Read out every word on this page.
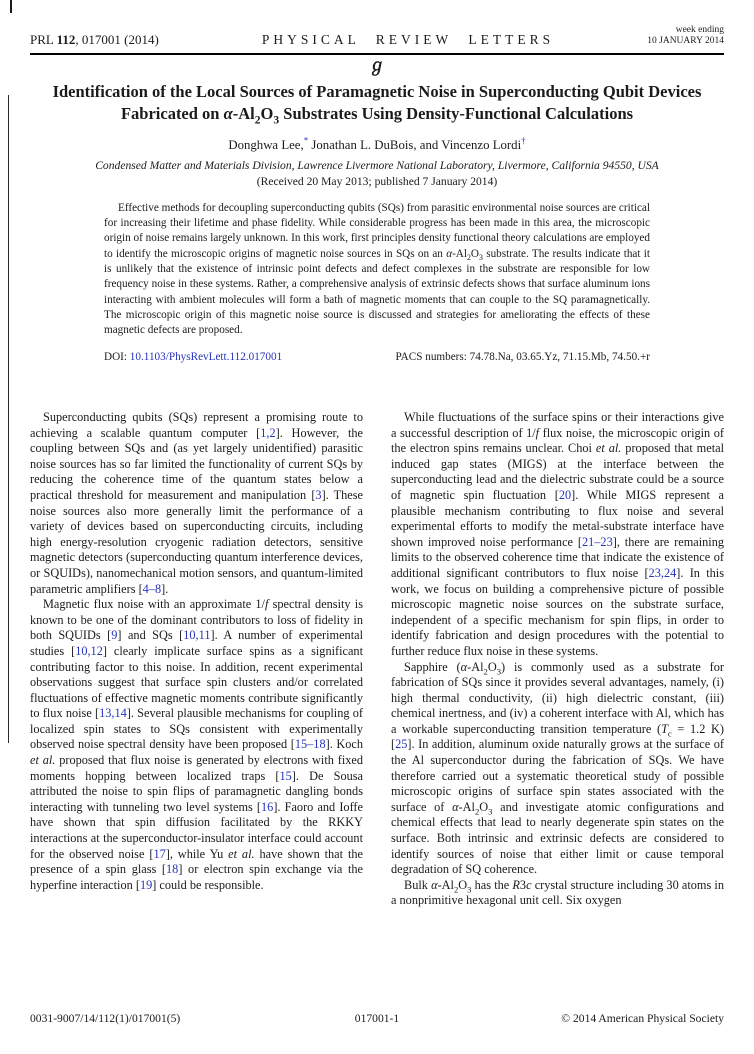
PRL 112, 017001 (2014)	PHYSICAL REVIEW LETTERS
week ending
10 JANUARY 2014
ℊ
Identification of the Local Sources of Paramagnetic Noise in Superconducting Qubit Devices
Fabricated on $\alpha-Al_2O_3$ Substrates Using Density-Functional Calculations
Donghwa Lee,* Jonathan L. DuBois, and Vincenzo Lordi†
Condensed Matter and Materials Division, Lawrence Livermore National Laboratory, Livermore, California 94550, USA
(Received 20 May 2013; published 7 January 2014)
Effective methods for decoupling superconducting qubits (SQs) from parasitic environmental noise sources are critical for increasing their lifetime and phase fidelity. While considerable progress has been made in this area, the microscopic origin of noise remains largely unknown. In this work, first principles density functional theory calculations are employed to identify the microscopic origins of magnetic noise sources in SQs on an $\alpha-Al_2O_3$ substrate. The results indicate that it is unlikely that the existence of intrinsic point defects and defect complexes in the substrate are responsible for low frequency noise in these systems. Rather, a comprehensive analysis of extrinsic defects shows that surface aluminum ions interacting with ambient molecules will form a bath of magnetic moments that can couple to the SQ paramagnetically. The microscopic origin of this magnetic noise source is discussed and strategies for ameliorating the effects of these magnetic defects are proposed.
DOI: 10.1103/PhysRevLett.112.017001	PACS numbers: 74.78.Na, 03.65.Yz, 71.15.Mb, 74.50.+r

Superconducting qubits (SQs) represent a promising route to achieving a scalable quantum computer [1,2]. However, the coupling between SQs and (as yet largely unidentified) parasitic noise sources has so far limited the functionality of current SQs by reducing the coherence time of the quantum states below a practical threshold for measurement and manipulation [3]. These noise sources also more generally limit the performance of a variety of devices based on superconducting circuits, including high energy-resolution cryogenic radiation detectors, sensitive magnetic detectors (superconducting quantum interference devices, or SQUIDs), nanomechanical motion sensors, and quantum-limited parametric amplifiers [4–8].

Magnetic flux noise with an approximate 1/f spectral density is known to be one of the dominant contributors to loss of fidelity in both SQUIDs [9] and SQs [10,11]. A number of experimental studies [10,12] clearly implicate surface spins as a significant contributing factor to this noise. In addition, recent experimental observations suggest that surface spin clusters and/or correlated fluctuations of effective magnetic moments contribute significantly to flux noise [13,14]. Several plausible mechanisms for coupling of localized spin states to SQs consistent with experimentally observed noise spectral density have been proposed [15–18]. Koch et al. proposed that flux noise is generated by electrons with fixed moments hopping between localized traps [15]. De Sousa attributed the noise to spin flips of paramagnetic dangling bonds interacting with tunneling two level systems [16]. Faoro and Ioffe have shown that spin diffusion facilitated by the RKKY interactions at the superconductor-insulator interface could account for the observed noise [17], while Yu et al. have shown that the presence of a spin glass [18] or electron spin exchange via the hyperfine interaction [19] could be responsible.

While fluctuations of the surface spins or their interactions give a successful description of 1/f flux noise, the microscopic origin of the electron spins remains unclear. Choi et al. proposed that metal induced gap states (MIGS) at the interface between the superconducting lead and the dielectric substrate could be a source of magnetic spin fluctuation [20]. While MIGS represent a plausible mechanism contributing to flux noise and several experimental efforts to modify the metal-substrate interface have shown improved noise performance [21–23], there are remaining limits to the observed coherence time that indicate the existence of additional significant contributors to flux noise [23,24]. In this work, we focus on building a comprehensive picture of possible microscopic magnetic noise sources on the substrate surface, independent of a specific mechanism for spin flips, in order to identify fabrication and design procedures with the potential to further reduce flux noise in these systems.

Sapphire $(\alpha-Al_2O_3)$ is commonly used as a substrate for fabrication of SQs since it provides several advantages, namely, (i) high thermal conductivity, (ii) high dielectric constant, (iii) chemical inertness, and (iv) a coherent interface with Al, which has a workable superconducting transition temperature ($T_c = 1.2$ K) [25]. In addition, aluminum oxide naturally grows at the surface of the Al superconductor during the fabrication of SQs. We have therefore carried out a systematic theoretical study of possible microscopic origins of surface spin states associated with the surface of $\alpha-Al_2O_3$ and investigate atomic configurations and chemical effects that lead to nearly degenerate spin states on the surface. Both intrinsic and extrinsic defects are considered to identify sources of noise that either limit or cause temporal degradation of SQ coherence.

Bulk $\alpha-Al_2O_3$ has the R3c crystal structure including 30 atoms in a nonprimitive hexagonal unit cell. Six oxygen

0031-9007/14/112(1)/017001(5)	017001-1	© 2014 American Physical Society
